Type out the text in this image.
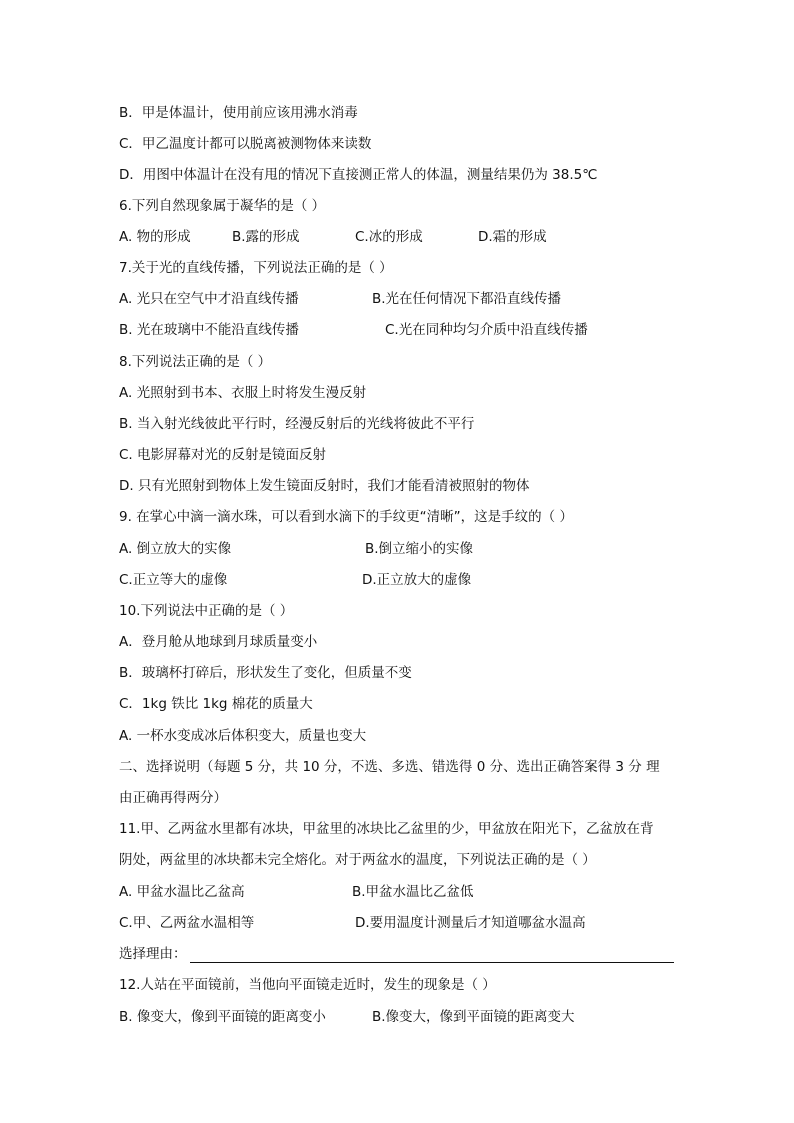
B．甲是体温计，使用前应该用沸水消毒
C．甲乙温度计都可以脱离被测物体来读数
D．用图中体温计在没有甩的情况下直接测正常人的体温，测量结果仍为 38.5℃
6.下列自然现象属于凝华的是（ ）
A. 物的形成	B.露的形成	C.冰的形成	D.霜的形成
7.关于光的直线传播，下列说法正确的是（ ）
A. 光只在空气中才沿直线传播	B.光在任何情况下都沿直线传播
B. 光在玻璃中不能沿直线传播	C.光在同种均匀介质中沿直线传播
8.下列说法正确的是（ ）
A. 光照射到书本、衣服上时将发生漫反射
B. 当入射光线彼此平行时，经漫反射后的光线将彼此不平行
C. 电影屏幕对光的反射是镜面反射
D. 只有光照射到物体上发生镜面反射时，我们才能看清被照射的物体
9. 在掌心中滴一滴水珠，可以看到水滴下的手纹更“清晰”，这是手纹的（ ）
A. 倒立放大的实像	B.倒立缩小的实像
C.正立等大的虚像	D.正立放大的虚像
10.下列说法中正确的是（ ）
A．登月舱从地球到月球质量变小
B．玻璃杯打碎后，形状发生了变化，但质量不变
C．1kg 铁比 1kg 棉花的质量大
A. 一杯水变成冰后体积变大，质量也变大
二、选择说明（每题 5 分，共 10 分，不选、多选、错选得 0 分、选出正确答案得 3 分 理
由正确再得两分）
11.甲、乙两盆水里都有冰块，甲盆里的冰块比乙盆里的少，甲盆放在阳光下，乙盆放在背
阴处，两盆里的冰块都未完全熔化。对于两盆水的温度，下列说法正确的是（ ）
A. 甲盆水温比乙盆高	B.甲盆水温比乙盆低
C.甲、乙两盆水温相等	D.要用温度计测量后才知道哪盆水温高
选择理由：
12.人站在平面镜前，当他向平面镜走近时，发生的现象是（ ）
B. 像变大，像到平面镜的距离变小	B.像变大，像到平面镜的距离变大
